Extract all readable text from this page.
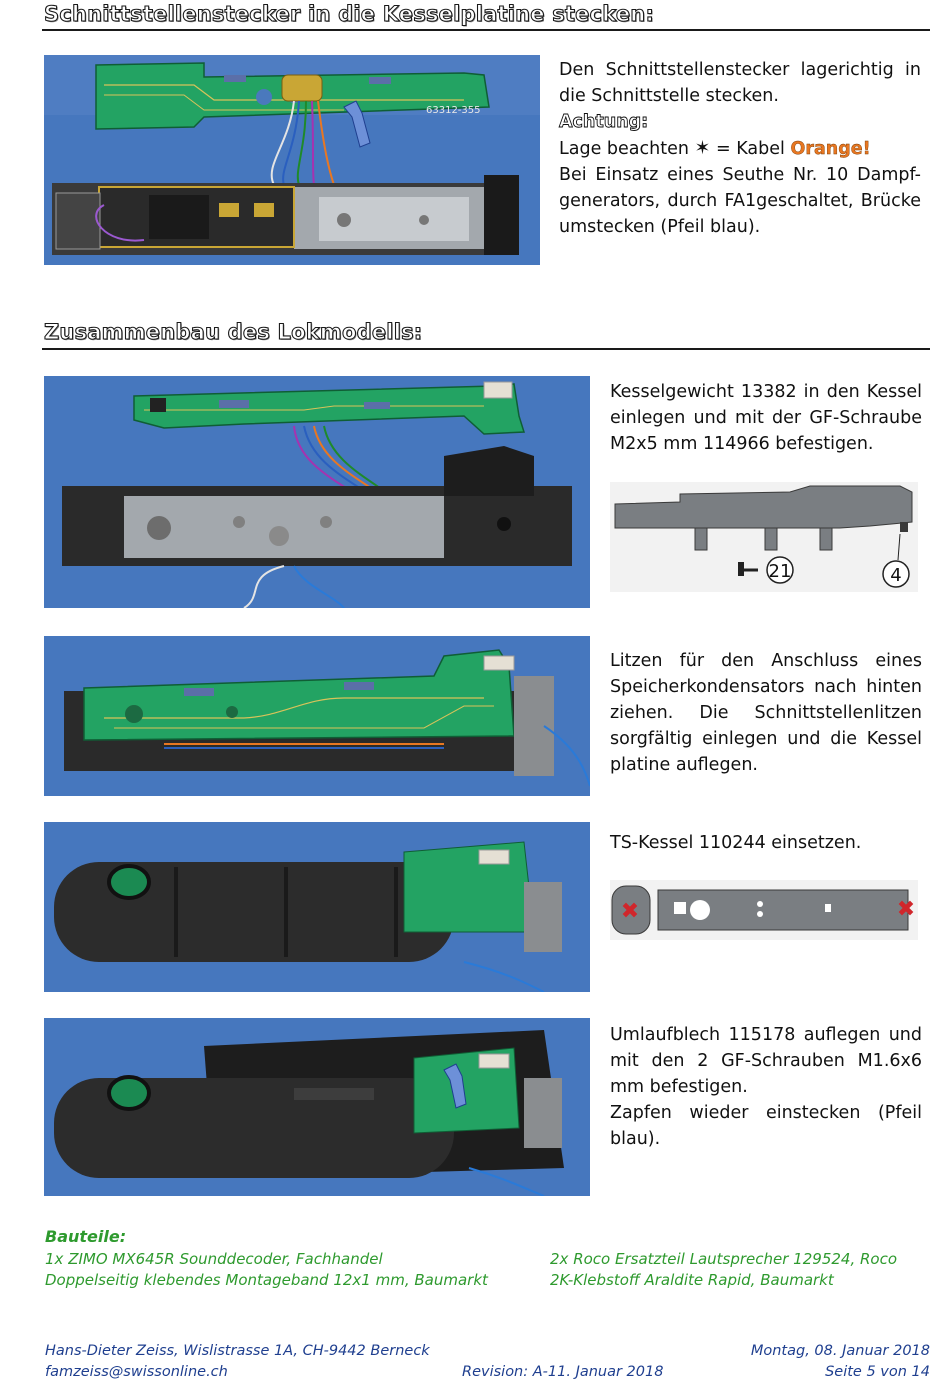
Schnittstellenstecker in die Kesselplatine stecken:
63312-355

Den Schnittstellenstecker lagerichtig in die Schnittstelle stecken.

Achtung:

Lage beachten ✶ = Kabel Orange!

Bei Einsatz eines Seuthe Nr. 10 Dampf-generators, durch FA1geschaltet, Brücke umstecken (Pfeil blau).

Zusammenbau des Lokmodells:
Kesselgewicht 13382 in den Kessel einlegen und mit der GF-Schraube M2x5 mm 114966 befestigen.
21	4
Litzen für den Anschluss eines Speicherkondensators nach hinten ziehen. Die Schnittstellenlitzen sorgfältig einlegen und die Kessel platine auflegen.
TS-Kessel 110244 einsetzen.
✖	✖

Umlaufblech 115178 auflegen und mit den 2 GF-Schrauben M1.6x6 mm befestigen.

Zapfen wieder einstecken (Pfeil blau).

Bauteile:
1x ZIMO MX645R Sounddecoder, Fachhandel
Doppelseitig klebendes Montageband 12x1 mm, Baumarkt
2x Roco Ersatzteil Lautsprecher 129524, Roco
2K-Klebstoff Araldite Rapid, Baumarkt
Hans-Dieter Zeiss, Wislistrasse 1A, CH-9442 Berneck
famzeiss@swissonline.ch	Revision: A-11. Januar 2018
Montag, 08. Januar 2018
Seite 5 von 14
